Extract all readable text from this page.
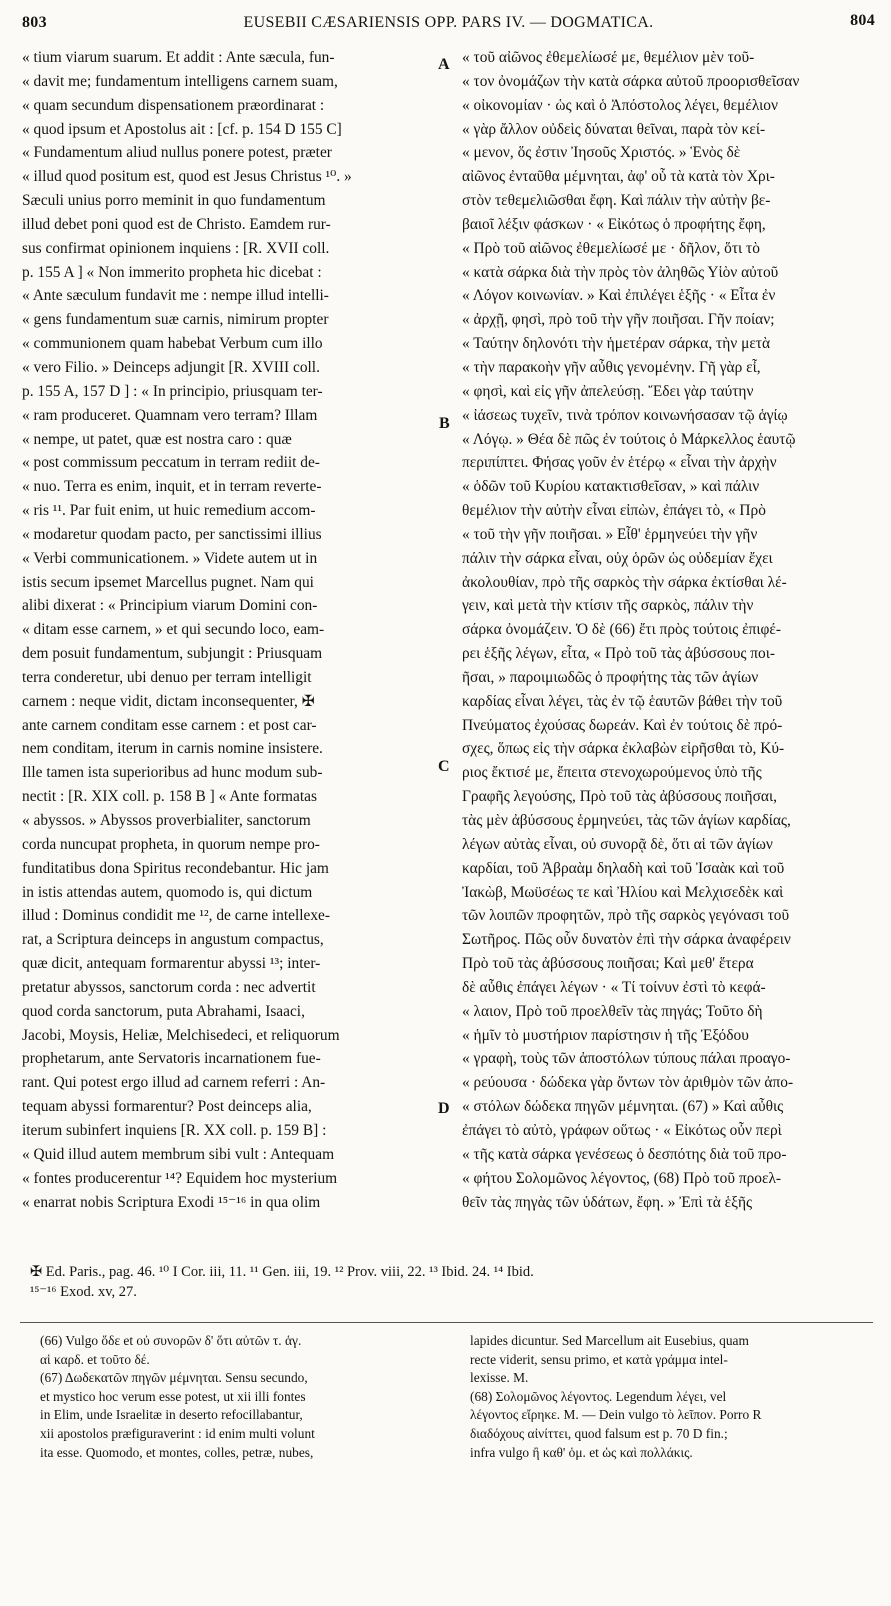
803	EUSEBII CÆSARIENSIS OPP. PARS IV. — DOGMATICA.	804
« tium viarum suarum. Et addit : Ante sæcula, fun-
« davit me; fundamentum intelligens carnem suam,
« quam secundum dispensationem præordinarat :
« quod ipsum et Apostolus ait : [cf. p. 154 D 155 C]
« Fundamentum aliud nullus ponere potest, præter
« illud quod positum est, quod est Jesus Christus ¹⁰. »
Sæculi unius porro meminit in quo fundamentum
illud debet poni quod est de Christo. Eamdem rur-
sus confirmat opinionem inquiens : [R. XVII coll.
p. 155 A ] « Non immerito propheta hic dicebat :
« Ante sæculum fundavit me : nempe illud intelli-
« gens fundamentum suæ carnis, nimirum propter
« communionem quam habebat Verbum cum illo
« vero Filio. » Deinceps adjungit [R. XVIII coll.
p. 155 A, 157 D ] : « In principio, priusquam ter-
« ram produceret. Quamnam vero terram? Illam
« nempe, ut patet, quæ est nostra caro : quæ
« post commissum peccatum in terram rediit de-
« nuo. Terra es enim, inquit, et in terram reverte-
« ris ¹¹. Par fuit enim, ut huic remedium accom-
« modaretur quodam pacto, per sanctissimi illius
« Verbi communicationem. » Videte autem ut in
istis secum ipsemet Marcellus pugnet. Nam qui
alibi dixerat : « Principium viarum Domini con-
« ditam esse carnem, » et qui secundo loco, eam-
dem posuit fundamentum, subjungit : Priusquam
terra conderetur, ubi denuo per terram intelligit
carnem : neque vidit, dictam inconsequenter, ✠
ante carnem conditam esse carnem : et post car-
nem conditam, iterum in carnis nomine insistere.
Ille tamen ista superioribus ad hunc modum sub-
nectit : [R. XIX coll. p. 158 B ] « Ante formatas
« abyssos. » Abyssos proverbialiter, sanctorum
corda nuncupat propheta, in quorum nempe pro-
funditatibus dona Spiritus recondebantur. Hic jam
in istis attendas autem, quomodo is, qui dictum
illud : Dominus condidit me ¹², de carne intellexe-
rat, a Scriptura deinceps in angustum compactus,
quæ dicit, antequam formarentur abyssi ¹³; inter-
pretatur abyssos, sanctorum corda : nec advertit
quod corda sanctorum, puta Abrahami, Isaaci,
Jacobi, Moysis, Heliæ, Melchisedeci, et reliquorum
prophetarum, ante Servatoris incarnationem fue-
rant. Qui potest ergo illud ad carnem referri : An-
tequam abyssi formarentur? Post deinceps alia,
iterum subinfert inquiens [R. XX coll. p. 159 B] :
« Quid illud autem membrum sibi vult : Antequam
« fontes producerentur ¹⁴? Equidem hoc mysterium
« enarrat nobis Scriptura Exodi ¹⁵⁻¹⁶ in qua olim
« τοῦ αἰῶνος ἐθεμελίωσέ με, θεμέλιον μὲν τοῦ-
« τον ὀνομάζων τὴν κατὰ σάρκα αὐτοῦ προορισθεῖσαν
« οἰκονομίαν · ὡς καὶ ὁ Ἀπόστολος λέγει, θεμέλιον
« γὰρ ἄλλον οὐδεὶς δύναται θεῖναι, παρὰ τὸν κεί-
« μενον, ὅς ἐστιν Ἰησοῦς Χριστός. » Ἑνὸς δὲ
αἰῶνος ἐνταῦθα μέμνηται, ἀφ' οὗ τὰ κατὰ τὸν Χρι-
στὸν τεθεμελιῶσθαι ἔφη. Καὶ πάλιν τὴν αὐτὴν βε-
βαιοῖ λέξιν φάσκων · « Εἰκότως ὁ προφήτης ἔφη,
« Πρὸ τοῦ αἰῶνος ἐθεμελίωσέ με · δῆλον, ὅτι τὸ
« κατὰ σάρκα διὰ τὴν πρὸς τὸν ἀληθῶς Υἱὸν αὐτοῦ
« Λόγον κοινωνίαν. » Καὶ ἐπιλέγει ἑξῆς · « Εἶτα ἐν
« ἀρχῇ, φησὶ, πρὸ τοῦ τὴν γῆν ποιῆσαι. Γῆν ποίαν;
« Ταύτην δηλονότι τὴν ἡμετέραν σάρκα, τὴν μετὰ
« τὴν παρακοὴν γῆν αὖθις γενομένην. Γῆ γὰρ εἶ,
« φησὶ, καὶ εἰς γῆν ἀπελεύσῃ. Ἔδει γὰρ ταύτην
« ἰάσεως τυχεῖν, τινὰ τρόπον κοινωνήσασαν τῷ ἁγίῳ
« Λόγῳ. » Θέα δὲ πῶς ἐν τούτοις ὁ Μάρκελλος ἑαυτῷ
περιπίπτει. Φήσας γοῦν ἐν ἑτέρῳ « εἶναι τὴν ἀρχὴν
« ὁδῶν τοῦ Κυρίου κατακτισθεῖσαν, » καὶ πάλιν
θεμέλιον τὴν αὐτὴν εἶναι εἰπὼν, ἐπάγει τὸ, « Πρὸ
« τοῦ τὴν γῆν ποιῆσαι. » Εἶθ' ἑρμηνεύει τὴν γῆν
πάλιν τὴν σάρκα εἶναι, οὐχ ὁρῶν ὡς οὐδεμίαν ἔχει
ἀκολουθίαν, πρὸ τῆς σαρκὸς τὴν σάρκα ἐκτίσθαι λέ-
γειν, καὶ μετὰ τὴν κτίσιν τῆς σαρκὸς, πάλιν τὴν
σάρκα ὀνομάζειν. Ὁ δὲ (66) ἔτι πρὸς τούτοις ἐπιφέ-
ρει ἑξῆς λέγων, εἶτα, « Πρὸ τοῦ τὰς ἀβύσσους ποι-
ῆσαι, » παροιμιωδῶς ὁ προφήτης τὰς τῶν ἁγίων
καρδίας εἶναι λέγει, τὰς ἐν τῷ ἑαυτῶν βάθει τὴν τοῦ
Πνεύματος ἐχούσας δωρεάν. Καὶ ἐν τούτοις δὲ πρό-
σχες, ὅπως εἰς τὴν σάρκα ἐκλαβὼν εἰρῆσθαι τὸ, Κύ-
ριος ἔκτισέ με, ἔπειτα στενοχωρούμενος ὑπὸ τῆς
Γραφῆς λεγούσης, Πρὸ τοῦ τὰς ἀβύσσους ποιῆσαι,
τὰς μὲν ἀβύσσους ἑρμηνεύει, τὰς τῶν ἁγίων καρδίας,
λέγων αὐτὰς εἶναι, οὐ συνορᾷ δὲ, ὅτι αἱ τῶν ἁγίων
καρδίαι, τοῦ Ἀβραὰμ δηλαδὴ καὶ τοῦ Ἰσαὰκ καὶ τοῦ
Ἰακὼβ, Μωϋσέως τε καὶ Ἠλίου καὶ Μελχισεδὲκ καὶ
τῶν λοιπῶν προφητῶν, πρὸ τῆς σαρκὸς γεγόνασι τοῦ
Σωτῆρος. Πῶς οὖν δυνατὸν ἐπὶ τὴν σάρκα ἀναφέρειν
Πρὸ τοῦ τὰς ἀβύσσους ποιῆσαι; Καὶ μεθ' ἕτερα
δὲ αὖθις ἐπάγει λέγων · « Τί τοίνυν ἐστὶ τὸ κεφά-
« λαιον, Πρὸ τοῦ προελθεῖν τὰς πηγάς; Τοῦτο δὴ
« ἡμῖν τὸ μυστήριον παρίστησιν ἡ τῆς Ἐξόδου
« γραφὴ, τοὺς τῶν ἀποστόλων τύπους πάλαι προαγο-
« ρεύουσα · δώδεκα γὰρ ὄντων τὸν ἀριθμὸν τῶν ἀπο-
« στόλων δώδεκα πηγῶν μέμνηται. (67) » Καὶ αὖθις
ἐπάγει τὸ αὐτὸ, γράφων οὕτως · « Εἰκότως οὖν περὶ
« τῆς κατὰ σάρκα γενέσεως ὁ δεσπότης διὰ τοῦ προ-
« φήτου Σολομῶνος λέγοντος, (68) Πρὸ τοῦ προελ-
θεῖν τὰς πηγὰς τῶν ὑδάτων, ἔφη. » Ἐπὶ τὰ ἑξῆς
A
B
C
D
✠ Ed. Paris., pag. 46. ¹⁰ I Cor. iii, 11. ¹¹ Gen. iii, 19. ¹² Prov. viii, 22. ¹³ Ibid. 24. ¹⁴ Ibid.
¹⁵⁻¹⁶ Exod. xv, 27.
(66) Vulgo ὅδε et οὐ συνορῶν δ' ὅτι αὐτῶν τ. ἁγ.
αἱ καρδ. et τοῦτο δέ.
(67) Δωδεκατῶν πηγῶν μέμνηται. Sensu secundo,
et mystico hoc verum esse potest, ut xii illi fontes
in Elim, unde Israelitæ in deserto refocillabantur,
xii apostolos præfiguraverint : id enim multi volunt
ita esse. Quomodo, et montes, colles, petræ, nubes,
lapides dicuntur. Sed Marcellum ait Eusebius, quam
recte viderit, sensu primo, et κατὰ γράμμα intel-
lexisse. M.
(68) Σολομῶνος λέγοντος. Legendum λέγει, vel
λέγοντος εἴρηκε. M. — Dein vulgo τὸ λεῖπον. Porro R
διαδόχους αἰνίττει, quod falsum est p. 70 D fin.;
infra vulgo ἢ καθ' ὁμ. et ὡς καὶ πολλάκις.
